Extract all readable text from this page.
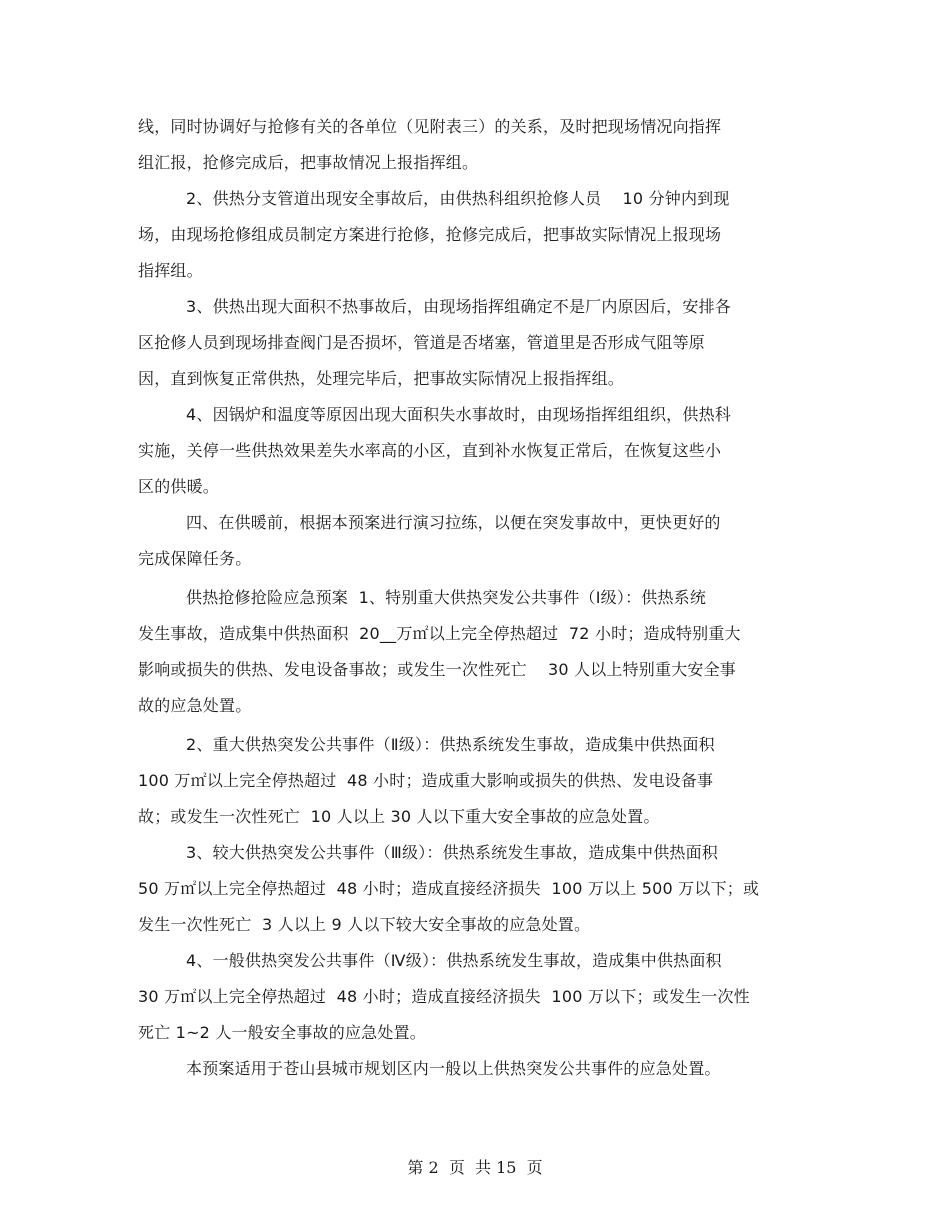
线，同时协调好与抢修有关的各单位（见附表三）的关系，及时把现场情况向指挥
组汇报，抢修完成后，把事故情况上报指挥组。
2、供热分支管道出现安全事故后，由供热科组织抢修人员    10 分钟内到现
场，由现场抢修组成员制定方案进行抢修，抢修完成后，把事故实际情况上报现场
指挥组。
3、供热出现大面积不热事故后，由现场指挥组确定不是厂内原因后，安排各
区抢修人员到现场排查阀门是否损坏，管道是否堵塞，管道里是否形成气阻等原
因，直到恢复正常供热，处理完毕后，把事故实际情况上报指挥组。
4、因锅炉和温度等原因出现大面积失水事故时，由现场指挥组组织，供热科
实施，关停一些供热效果差失水率高的小区，直到补水恢复正常后，在恢复这些小
区的供暖。
四、在供暖前，根据本预案进行演习拉练，以便在突发事故中，更快更好的
完成保障任务。
供热抢修抢险应急预案  1、特别重大供热突发公共事件（Ⅰ级）：供热系统
发生事故，造成集中供热面积  20__万㎡以上完全停热超过  72 小时；造成特别重大
影响或损失的供热、发电设备事故；或发生一次性死亡    30 人以上特别重大安全事
故的应急处置。
2、重大供热突发公共事件（Ⅱ级）：供热系统发生事故，造成集中供热面积
100 万㎡以上完全停热超过  48 小时；造成重大影响或损失的供热、发电设备事
故；或发生一次性死亡  10 人以上 30 人以下重大安全事故的应急处置。
3、较大供热突发公共事件（Ⅲ级）：供热系统发生事故，造成集中供热面积
50 万㎡以上完全停热超过  48 小时；造成直接经济损失  100 万以上 500 万以下；或
发生一次性死亡  3 人以上 9 人以下较大安全事故的应急处置。
4、一般供热突发公共事件（Ⅳ级）：供热系统发生事故，造成集中供热面积
30 万㎡以上完全停热超过  48 小时；造成直接经济损失  100 万以下；或发生一次性
死亡 1~2 人一般安全事故的应急处置。
本预案适用于苍山县城市规划区内一般以上供热突发公共事件的应急处置。
第 2  页  共 15  页
